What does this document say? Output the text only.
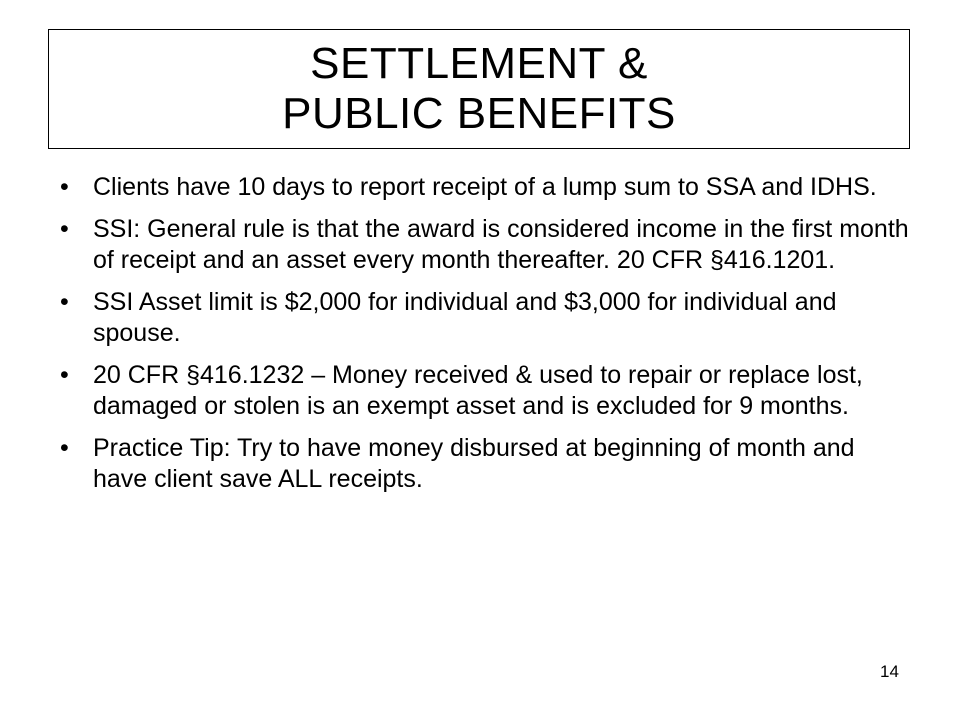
SETTLEMENT &
PUBLIC BENEFITS
• Clients have 10 days to report receipt of a lump sum to SSA and IDHS.
• SSI: General rule is that the award is considered income in the first month of receipt and an asset every month thereafter. 20 CFR §416.1201.
• SSI Asset limit is $2,000 for individual and $3,000 for individual and spouse.
• 20 CFR §416.1232 – Money received & used to repair or replace lost, damaged or stolen is an exempt asset and is excluded for 9 months.
• Practice Tip: Try to have money disbursed at beginning of month and have client save ALL receipts.
14
